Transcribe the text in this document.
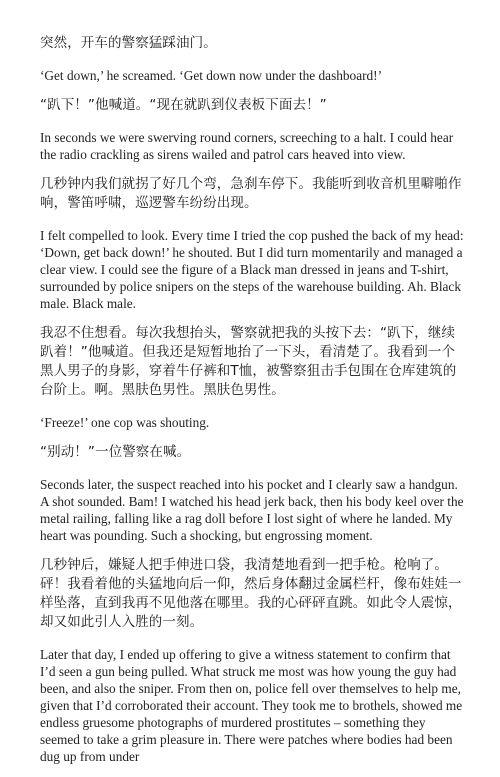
突然，开车的警察猛踩油门。

‘Get down,’ he screamed. ‘Get down now under the dashboard!’

“趴下！”他喊道。“现在就趴到仪表板下面去！”

In seconds we were swerving round corners, screeching to a halt. I could hear the radio crackling as sirens wailed and patrol cars heaved into view.

几秒钟内我们就拐了好几个弯，急刹车停下。我能听到收音机里噼啪作响，警笛呼啸，巡逻警车纷纷出现。

I felt compelled to look. Every time I tried the cop pushed the back of my head: ‘Down, get back down!’ he shouted. But I did turn momentarily and managed a clear view. I could see the figure of a Black man dressed in jeans and T-shirt, surrounded by police snipers on the steps of the warehouse building. Ah. Black male. Black male.

我忍不住想看。每次我想抬头，警察就把我的头按下去：“趴下，继续趴着！”他喊道。但我还是短暂地抬了一下头，看清楚了。我看到一个黑人男子的身影，穿着牛仔裤和T恤，被警察狙击手包围在仓库建筑的台阶上。啊。黑肤色男性。黑肤色男性。

‘Freeze!’ one cop was shouting.

“别动！”一位警察在喊。

Seconds later, the suspect reached into his pocket and I clearly saw a handgun. A shot sounded. Bam! I watched his head jerk back, then his body keel over the metal railing, falling like a rag doll before I lost sight of where he landed. My heart was pounding. Such a shocking, but engrossing moment.

几秒钟后，嫌疑人把手伸进口袋，我清楚地看到一把手枪。枪响了。砰！我看着他的头猛地向后一仰，然后身体翻过金属栏杆，像布娃娃一样坠落，直到我再不见他落在哪里。我的心砰砰直跳。如此令人震惊，却又如此引人入胜的一刻。

Later that day, I ended up offering to give a witness statement to confirm that I’d seen a gun being pulled. What struck me most was how young the guy had been, and also the sniper. From then on, police fell over themselves to help me, given that I’d corroborated their account. They took me to brothels, showed me endless gruesome photographs of murdered prostitutes – something they seemed to take a grim pleasure in. There were patches where bodies had been dug up from under
